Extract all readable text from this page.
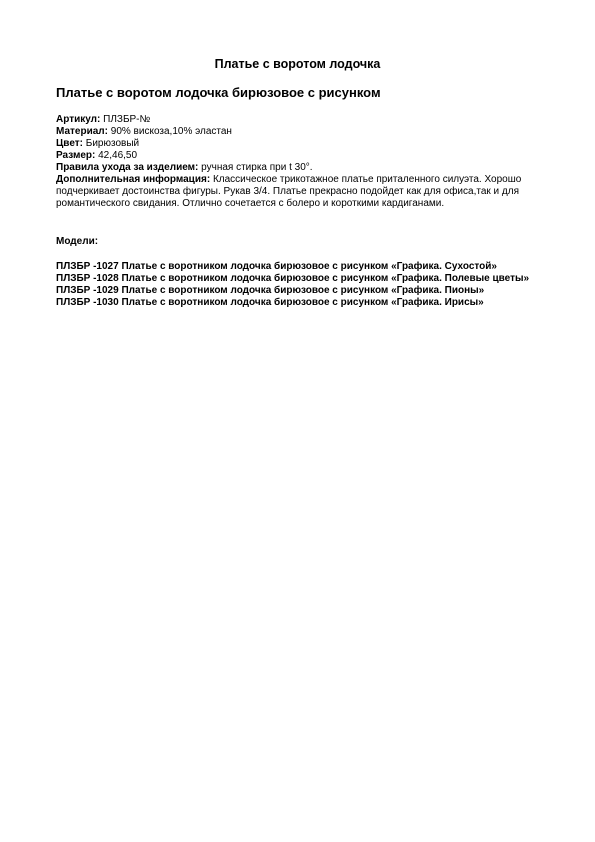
Платье с воротом лодочка
Платье с воротом лодочка бирюзовое с рисунком

Артикул: ПЛЗБР-№

Материал: 90% вискоза,10% эластан

Цвет: Бирюзовый

Размер: 42,46,50

Правила ухода за изделием: ручная стирка при t 30°.

Дополнительная информация: Классическое трикотажное платье приталенного силуэта. Хорошо подчеркивает достоинства фигуры. Рукав 3/4. Платье прекрасно подойдет как для офиса,так и для романтического свидания. Отлично сочетается с болеро и короткими кардиганами.

Модели:

ПЛЗБР -1027 Платье с воротником лодочка бирюзовое с рисунком «Графика. Сухостой»
ПЛЗБР -1028 Платье с воротником лодочка бирюзовое с рисунком «Графика. Полевые цветы»
ПЛЗБР -1029 Платье с воротником лодочка бирюзовое с рисунком «Графика. Пионы»
ПЛЗБР -1030 Платье с воротником лодочка бирюзовое с рисунком «Графика. Ирисы»
